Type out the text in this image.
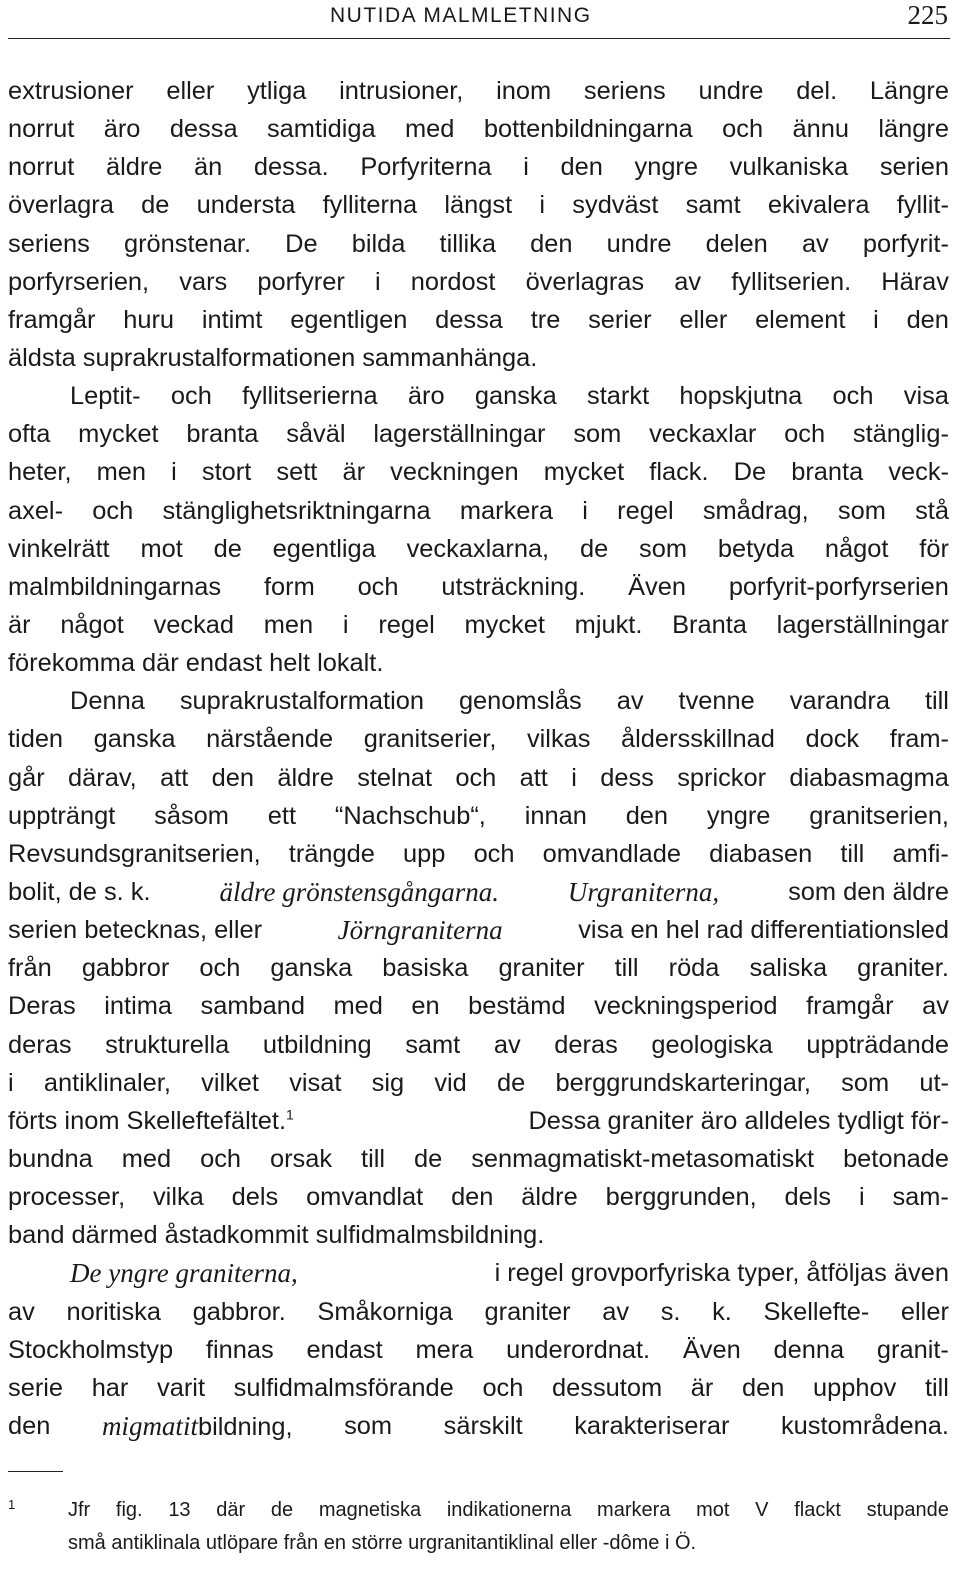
NUTIDA MALMLETNING	225
extrusioner eller ytliga intrusioner, inom seriens undre del. Längre
norrut äro dessa samtidiga med bottenbildningarna och ännu längre
norrut äldre än dessa. Porfyriterna i den yngre vulkaniska serien
överlagra de understa fylliterna längst i sydväst samt ekivalera fyllit-
seriens grönstenar. De bilda tillika den undre delen av porfyrit-
porfyrserien, vars porfyrer i nordost överlagras av fyllitserien. Härav
framgår huru intimt egentligen dessa tre serier eller element i den
äldsta suprakrustalformationen sammanhänga.
Leptit- och fyllitserierna äro ganska starkt hopskjutna och visa
ofta mycket branta såväl lagerställningar som veckaxlar och stänglig-
heter, men i stort sett är veckningen mycket flack. De branta veck-
axel- och stänglighetsriktningarna markera i regel smådrag, som stå
vinkelrätt mot de egentliga veckaxlarna, de som betyda något för
malmbildningarnas form och utsträckning. Även porfyrit-porfyrserien
är något veckad men i regel mycket mjukt. Branta lagerställningar
förekomma där endast helt lokalt.
Denna suprakrustalformation genomslås av tvenne varandra till
tiden ganska närstående granitserier, vilkas åldersskillnad dock fram-
går därav, att den äldre stelnat och att i dess sprickor diabasmagma
uppträngt såsom ett “Nachschub“, innan den yngre granitserien,
Revsundsgranitserien, trängde upp och omvandlade diabasen till amfi-
bolit, de s. k.	äldre grönstensgångarna.	Urgraniterna,	som den äldre
serien betecknas, eller	Jörngraniterna	visa en hel rad differentiationsled
från gabbror och ganska basiska graniter till röda saliska graniter.
Deras intima samband med en bestämd veckningsperiod framgår av
deras strukturella utbildning samt av deras geologiska uppträdande
i antiklinaler, vilket visat sig vid de berggrundskarteringar, som ut-
förts inom Skelleftefältet.$^1$	Dessa graniter äro alldeles tydligt för-
bundna med och orsak till de senmagmatiskt-metasomatiskt betonade
processer, vilka dels omvandlat den äldre berggrunden, dels i sam-
band därmed åstadkommit sulfidmalmsbildning.
De yngre graniterna,	i regel grovporfyriska typer, åtföljas även
av noritiska gabbror. Småkorniga graniter av s. k. Skellefte- eller
Stockholmstyp finnas endast mera underordnat. Även denna granit-
serie har varit sulfidmalmsförande och dessutom är den upphov till
den migmatitbildning, som särskilt karakteriserar kustområdena.
1	Jfr fig. 13 där de magnetiska indikationerna markera mot V flackt stupande
små antiklinala utlöpare från en större urgranitantiklinal eller -dôme i Ö.
